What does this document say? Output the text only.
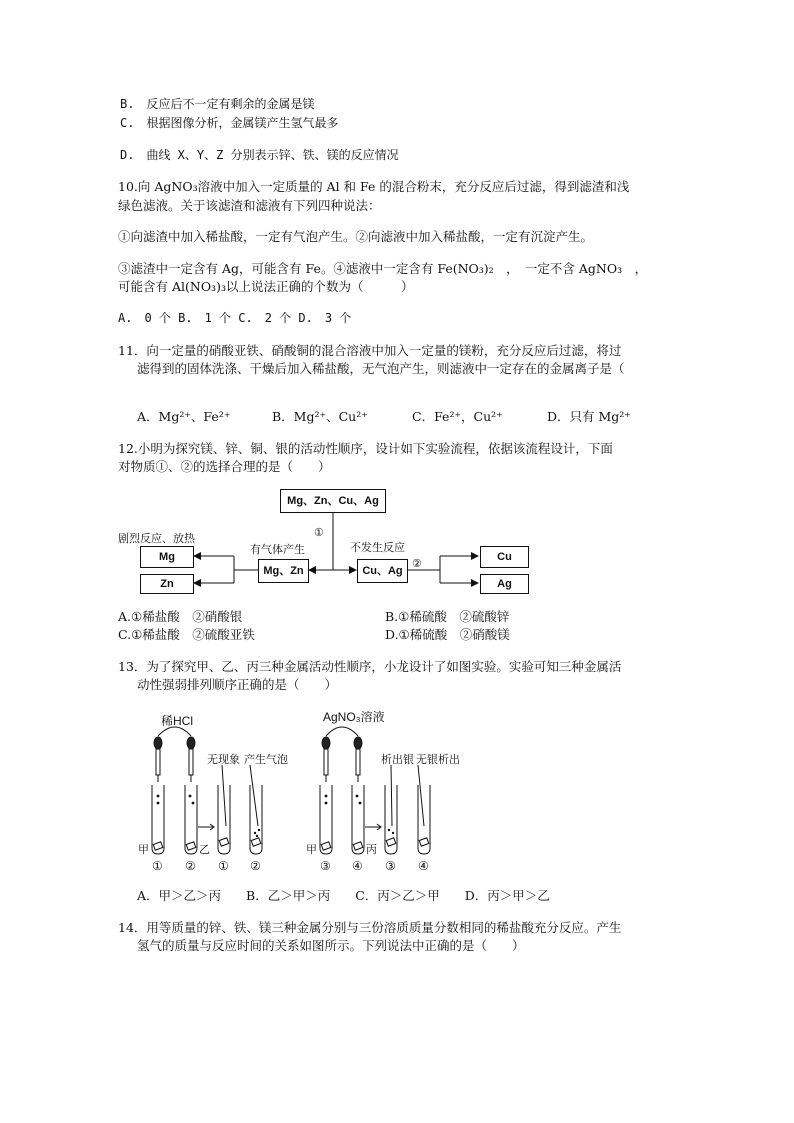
B.　反应后不一定有剩余的金属是镁
C.　根据图像分析，金属镁产生氢气最多
D.　曲线 X、Y、Z 分别表示锌、铁、镁的反应情况
10.向 AgNO₃溶液中加入一定质量的 Al 和 Fe 的混合粉末，充分反应后过滤，得到滤渣和浅
绿色滤液。关于该滤渣和滤液有下列四种说法：
①向滤渣中加入稀盐酸，一定有气泡产生。②向滤液中加入稀盐酸，一定有沉淀产生。
③滤渣中一定含有 Ag，可能含有 Fe。④滤液中一定含有 Fe(NO₃)₂　，　一定不含 AgNO₃　，
可能含有 Al(NO₃)₃以上说法正确的个数为（　　　）
A.　0 个 B.　1 个 C.　2 个 D.　3 个
11．向一定量的硝酸亚铁、硝酸铜的混合溶液中加入一定量的镁粉，充分反应后过滤，将过
滤得到的固体洗涤、干燥后加入稀盐酸，无气泡产生，则滤液中一定存在的金属离子是（
A．Mg²⁺、Fe²⁺	B．Mg²⁺、Cu²⁺	C．Fe²⁺，Cu²⁺	D．只有 Mg²⁺
12.小明为探究镁、锌、铜、银的活动性顺序，设计如下实验流程，依据该流程设计，下面
对物质①、②的选择合理的是（　　）
Mg、Zn、Cu、Ag
Mg、Zn	Cu、Ag
Mg
Zn
Cu
Ag
①
②
有气体产生	不发生反应
剧烈反应、放热
A.①稀盐酸　②硝酸银	B.①稀硫酸　②硫酸锌
C.①稀盐酸　②硫酸亚铁	D.①稀硫酸　②硝酸镁
13．为了探究甲、乙、丙三种金属活动性顺序，小龙设计了如图实验。实验可知三种金属活
动性强弱排列顺序正确的是（　　）
稀HCl	AgNO₃溶液
无现象 产生气泡	析出银 无银析出
甲	乙	甲	丙
① ② ① ②	③ ④ ③ ④
A．甲＞乙＞丙　　B．乙＞甲＞丙　　C．丙＞乙＞甲　　D．丙＞甲＞乙
14．用等质量的锌、铁、镁三种金属分别与三份溶质质量分数相同的稀盐酸充分反应。产生
氢气的质量与反应时间的关系如图所示。下列说法中正确的是（　　）
